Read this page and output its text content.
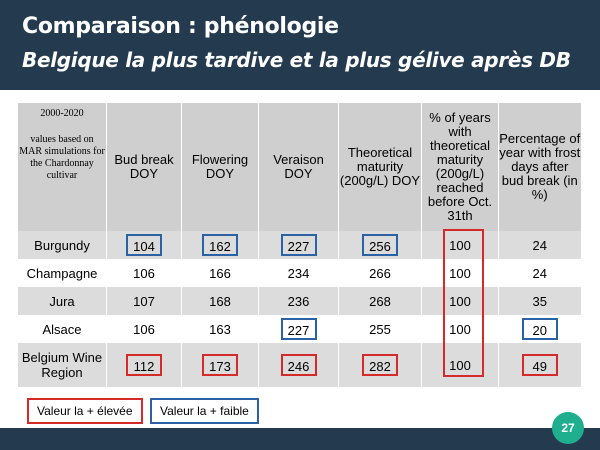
Comparaison : phénologie
Belgique la plus tardive et la plus gélive après DB
2000-2020
values based on MAR simulations for the Chardonnay cultivar	Bud break DOY	Flowering DOY	Veraison DOY	Theoretical maturity (200g/L) DOY	% of years with theoretical maturity (200g/L) reached before Oct. 31th	Percentage of year with frost days after bud break (in %)
Burgundy	104	162	227	256	100	24
Champagne	106	166	234	266	100	24
Jura	107	168	236	268	100	35
Alsace	106	163	227	255	100	20
Belgium Wine Region	112	173	246	282	100	49
Valeur la + élevée	Valeur la + faible
27
